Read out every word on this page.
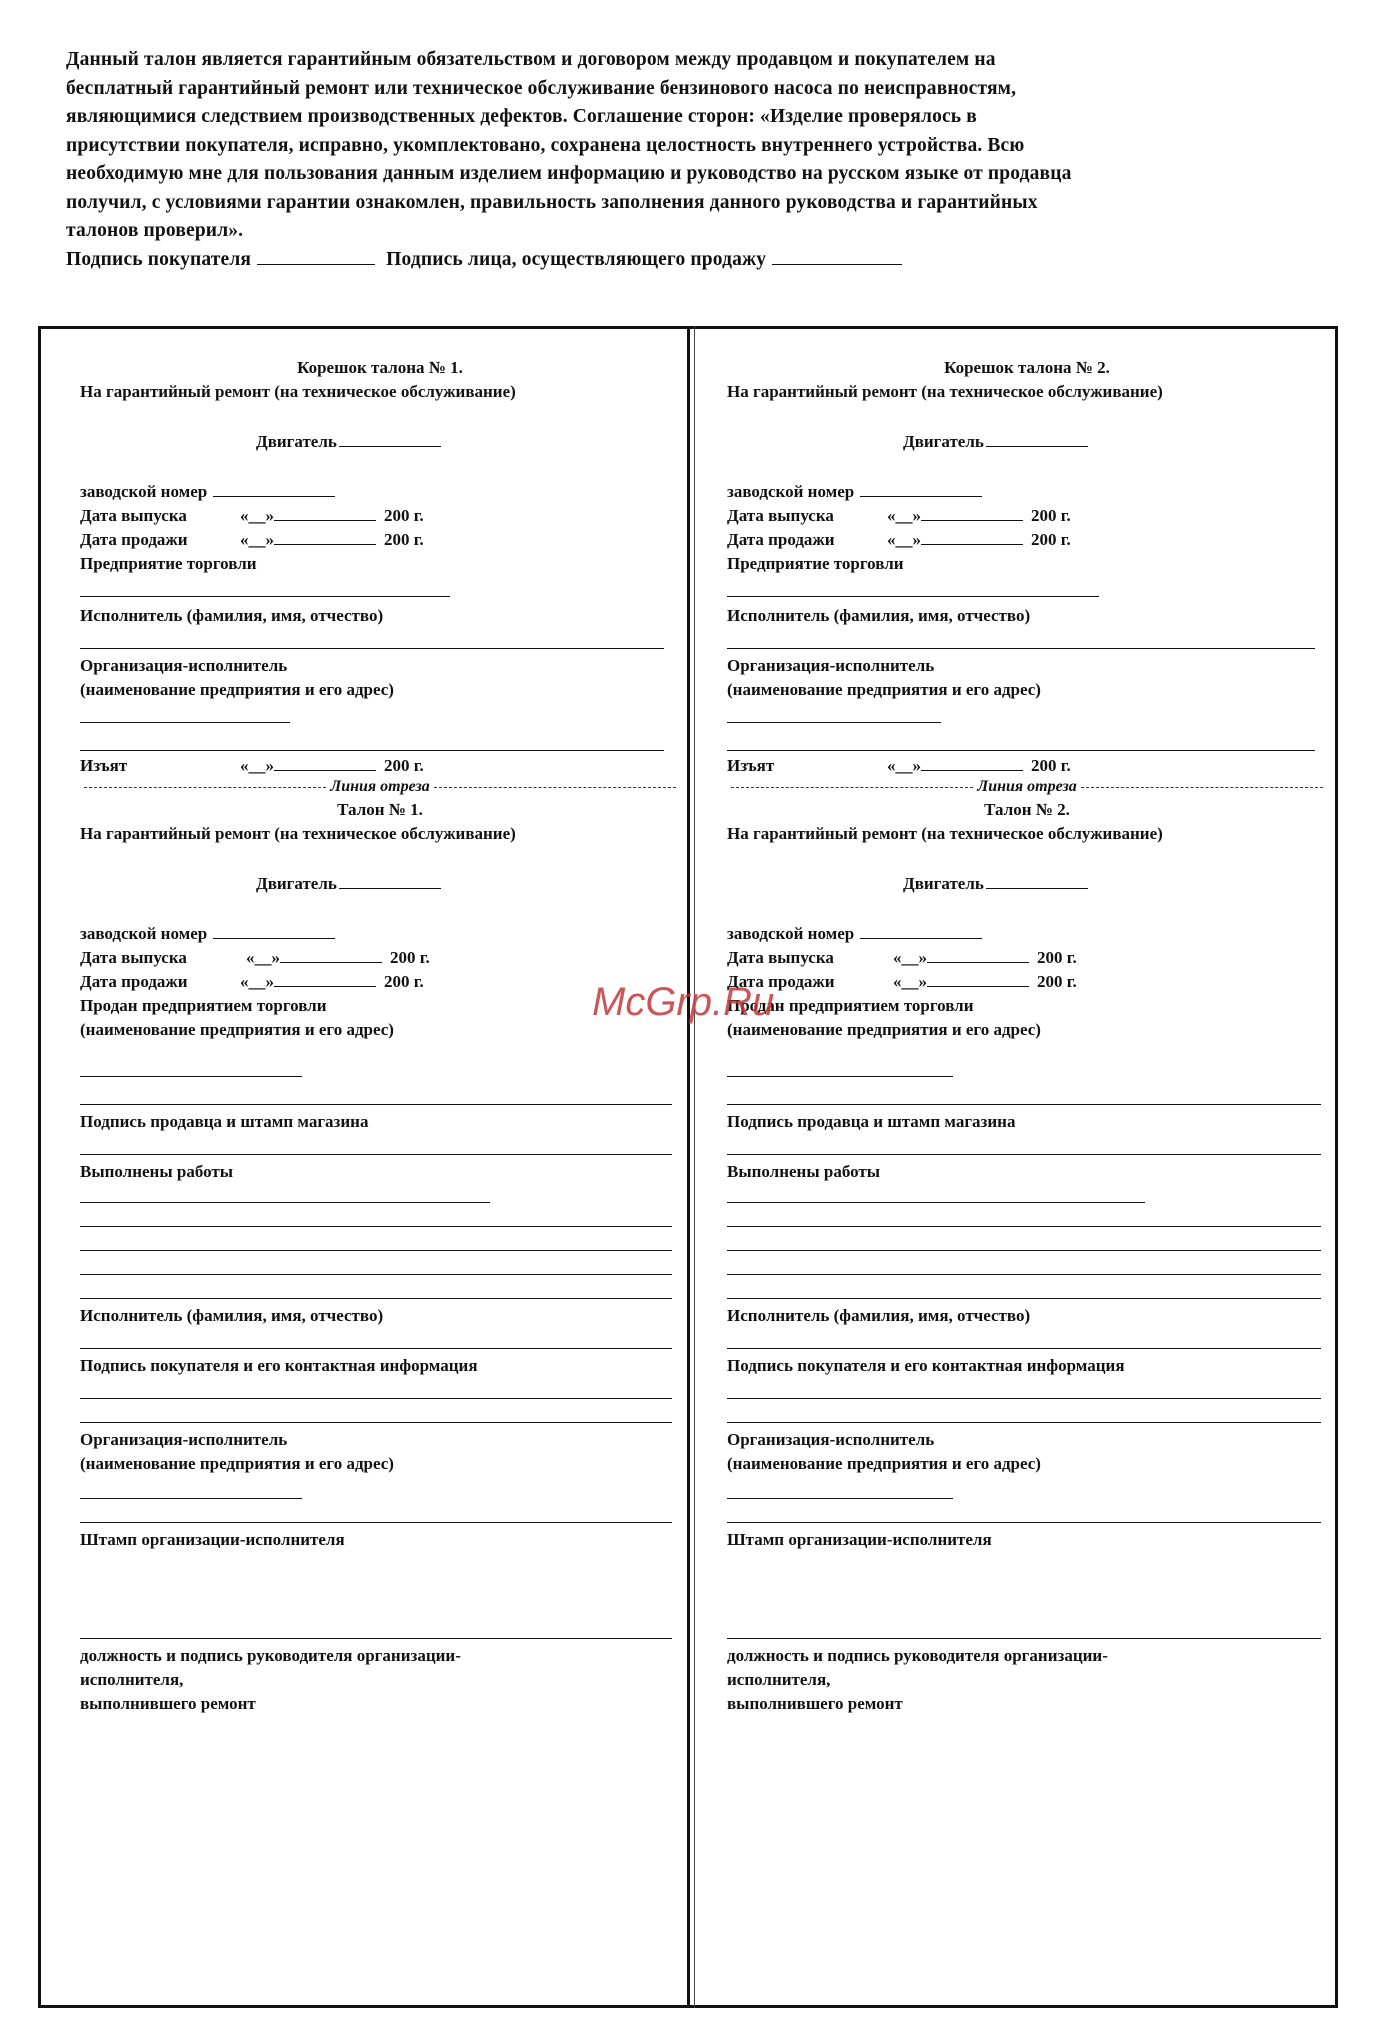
Данный талон является гарантийным обязательством и договором между продавцом и покупателем на
бесплатный гарантийный ремонт или техническое обслуживание бензинового насоса по неисправностям,
являющимися следствием производственных дефектов. Соглашение сторон: «Изделие проверялось в
присутствии покупателя, исправно, укомплектовано, сохранена целостность внутреннего устройства. Всю
необходимую мне для пользования данным изделием информацию и руководство на русском языке от продавца
получил, с условиями гарантии ознакомлен, правильность заполнения данного руководства и гарантийных
талонов проверил».
Подпись покупателя	Подпись лица, осуществляющего продажу
Корешок талона № 1.
На гарантийный ремонт (на техническое обслуживание)
Двигатель
заводской номер
Дата выпуска	«__»	200 г.
Дата продажи	«__»	200 г.
Предприятие торговли
Исполнитель (фамилия, имя, отчество)
Организация-исполнитель
(наименование предприятия и его адрес)
Изъят	«__»	200 г.
Линия отреза
Талон № 1.
На гарантийный ремонт (на техническое обслуживание)
Двигатель
заводской номер
Дата выпуска	«__»	200 г.
Дата продажи	«__»	200 г.
Продан предприятием торговли
(наименование предприятия и его адрес)
Подпись продавца и штамп магазина
Выполнены работы
Исполнитель (фамилия, имя, отчество)
Подпись покупателя и его контактная информация
Организация-исполнитель
(наименование предприятия и его адрес)
Штамп организации-исполнителя
должность и подпись руководителя организации-
исполнителя,
выполнившего ремонт
Корешок талона № 2.
На гарантийный ремонт (на техническое обслуживание)
Двигатель
заводской номер
Дата выпуска	«__»	200 г.
Дата продажи	«__»	200 г.
Предприятие торговли
Исполнитель (фамилия, имя, отчество)
Организация-исполнитель
(наименование предприятия и его адрес)
Изъят	«__»	200 г.
Линия отреза
Талон № 2.
На гарантийный ремонт (на техническое обслуживание)
Двигатель
заводской номер
Дата выпуска	«__»	200 г.
Дата продажи	«__»	200 г.
Продан предприятием торговли
(наименование предприятия и его адрес)
Подпись продавца и штамп магазина
Выполнены работы
Исполнитель (фамилия, имя, отчество)
Подпись покупателя и его контактная информация
Организация-исполнитель
(наименование предприятия и его адрес)
Штамп организации-исполнителя
должность и подпись руководителя организации-
исполнителя,
выполнившего ремонт
McGrp.Ru
